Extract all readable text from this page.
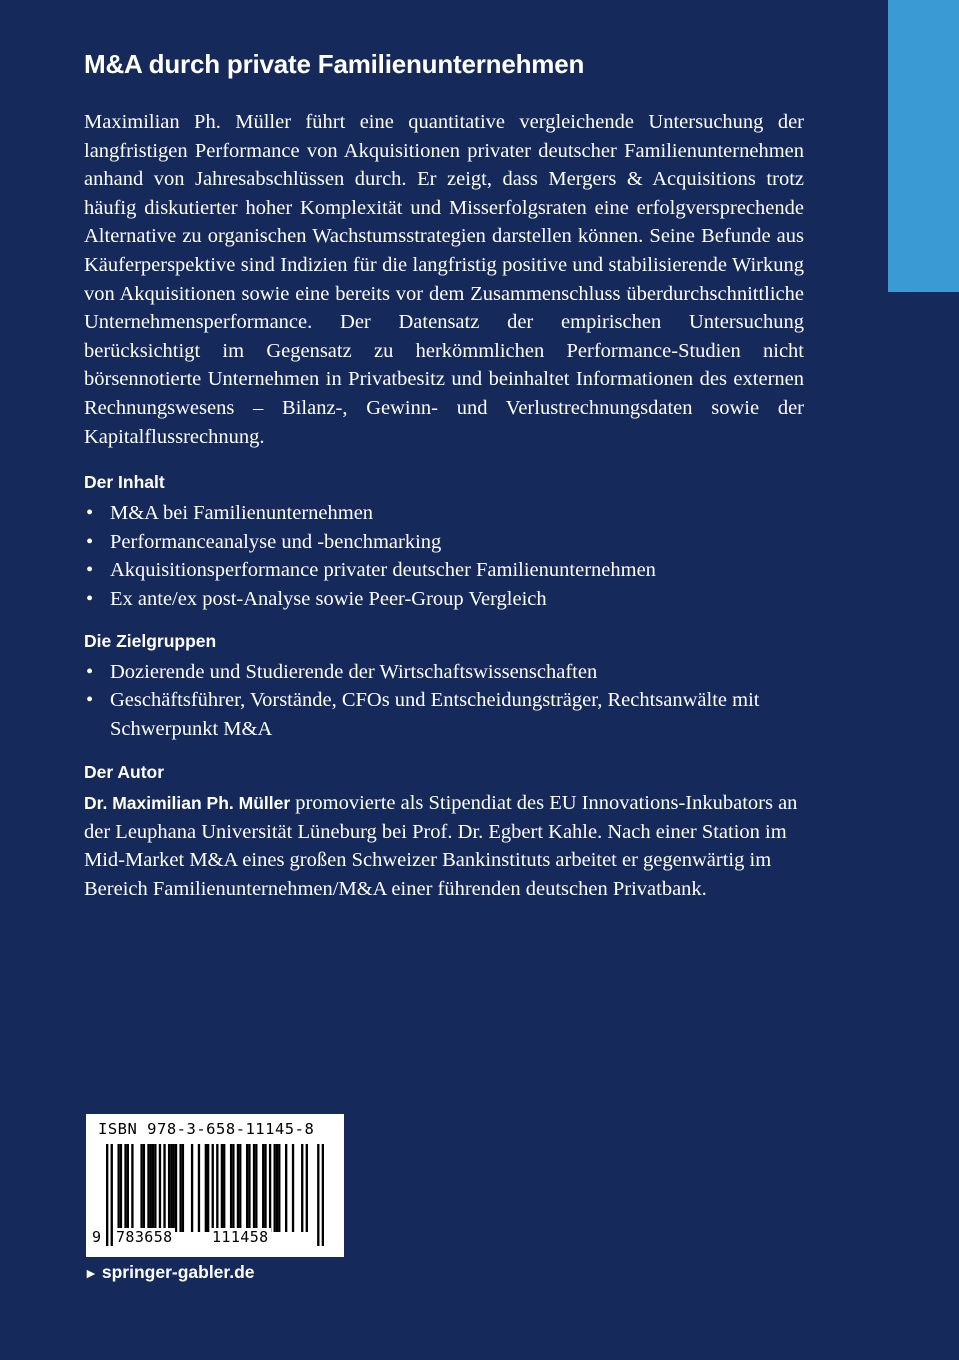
M&A durch private Familienunternehmen

Maximilian Ph. Müller führt eine quantitative vergleichende Untersuchung der langfristigen Performance von Akquisitionen privater deutscher Familienunternehmen anhand von Jahresabschlüssen durch. Er zeigt, dass Mergers & Acquisitions trotz häufig diskutierter hoher Komplexität und Misserfolgsraten eine erfolgversprechende Alternative zu organischen Wachstumsstrategien darstellen können. Seine Befunde aus Käuferperspektive sind Indizien für die langfristig positive und stabilisierende Wirkung von Akquisitionen sowie eine bereits vor dem Zusammenschluss überdurchschnittliche Unternehmensperformance. Der Datensatz der empirischen Untersuchung berücksichtigt im Gegensatz zu herkömmlichen Performance-Studien nicht börsennotierte Unternehmen in Privatbesitz und beinhaltet Informationen des externen Rechnungswesens – Bilanz-, Gewinn- und Verlustrechnungsdaten sowie der Kapitalflussrechnung.

Der Inhalt
• M&A bei Familienunternehmen
• Performanceanalyse und -benchmarking
• Akquisitionsperformance privater deutscher Familienunternehmen
• Ex ante/ex post-Analyse sowie Peer-Group Vergleich
Die Zielgruppen
• Dozierende und Studierende der Wirtschaftswissenschaften
• Geschäftsführer, Vorstände, CFOs und Entscheidungsträger, Rechtsanwälte mit Schwerpunkt M&A
Der Autor

Dr. Maximilian Ph. Müller promovierte als Stipendiat des EU Innovations-Inkubators an der Leuphana Universität Lüneburg bei Prof. Dr. Egbert Kahle. Nach einer Station im Mid-Market M&A eines großen Schweizer Bankinstituts arbeitet er gegenwärtig im Bereich Familienunternehmen/M&A einer führenden deutschen Privatbank.

ISBN 978-3-658-11145-8
9 783658	111458
► springer-gabler.de
